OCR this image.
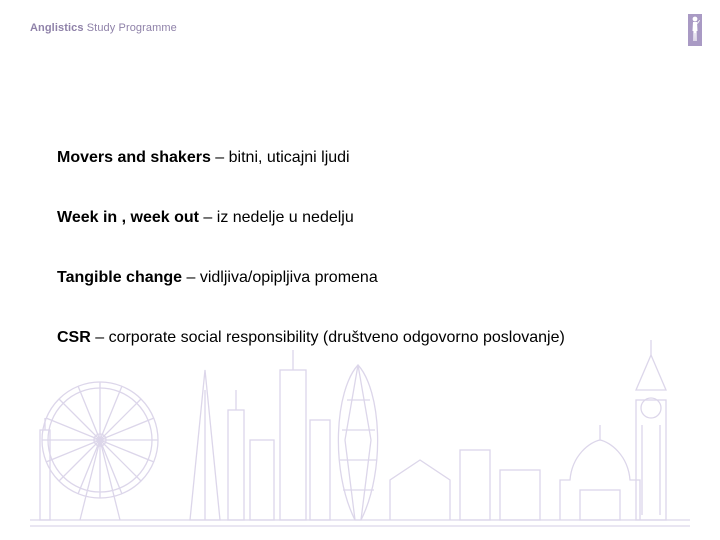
Anglistics Study Programme

Movers and shakers – bitni, uticajni ljudi

Week in , week out – iz nedelje u nedelju

Tangible change – vidljiva/opipljiva promena

CSR – corporate social responsibility (društveno odgovorno poslovanje)
